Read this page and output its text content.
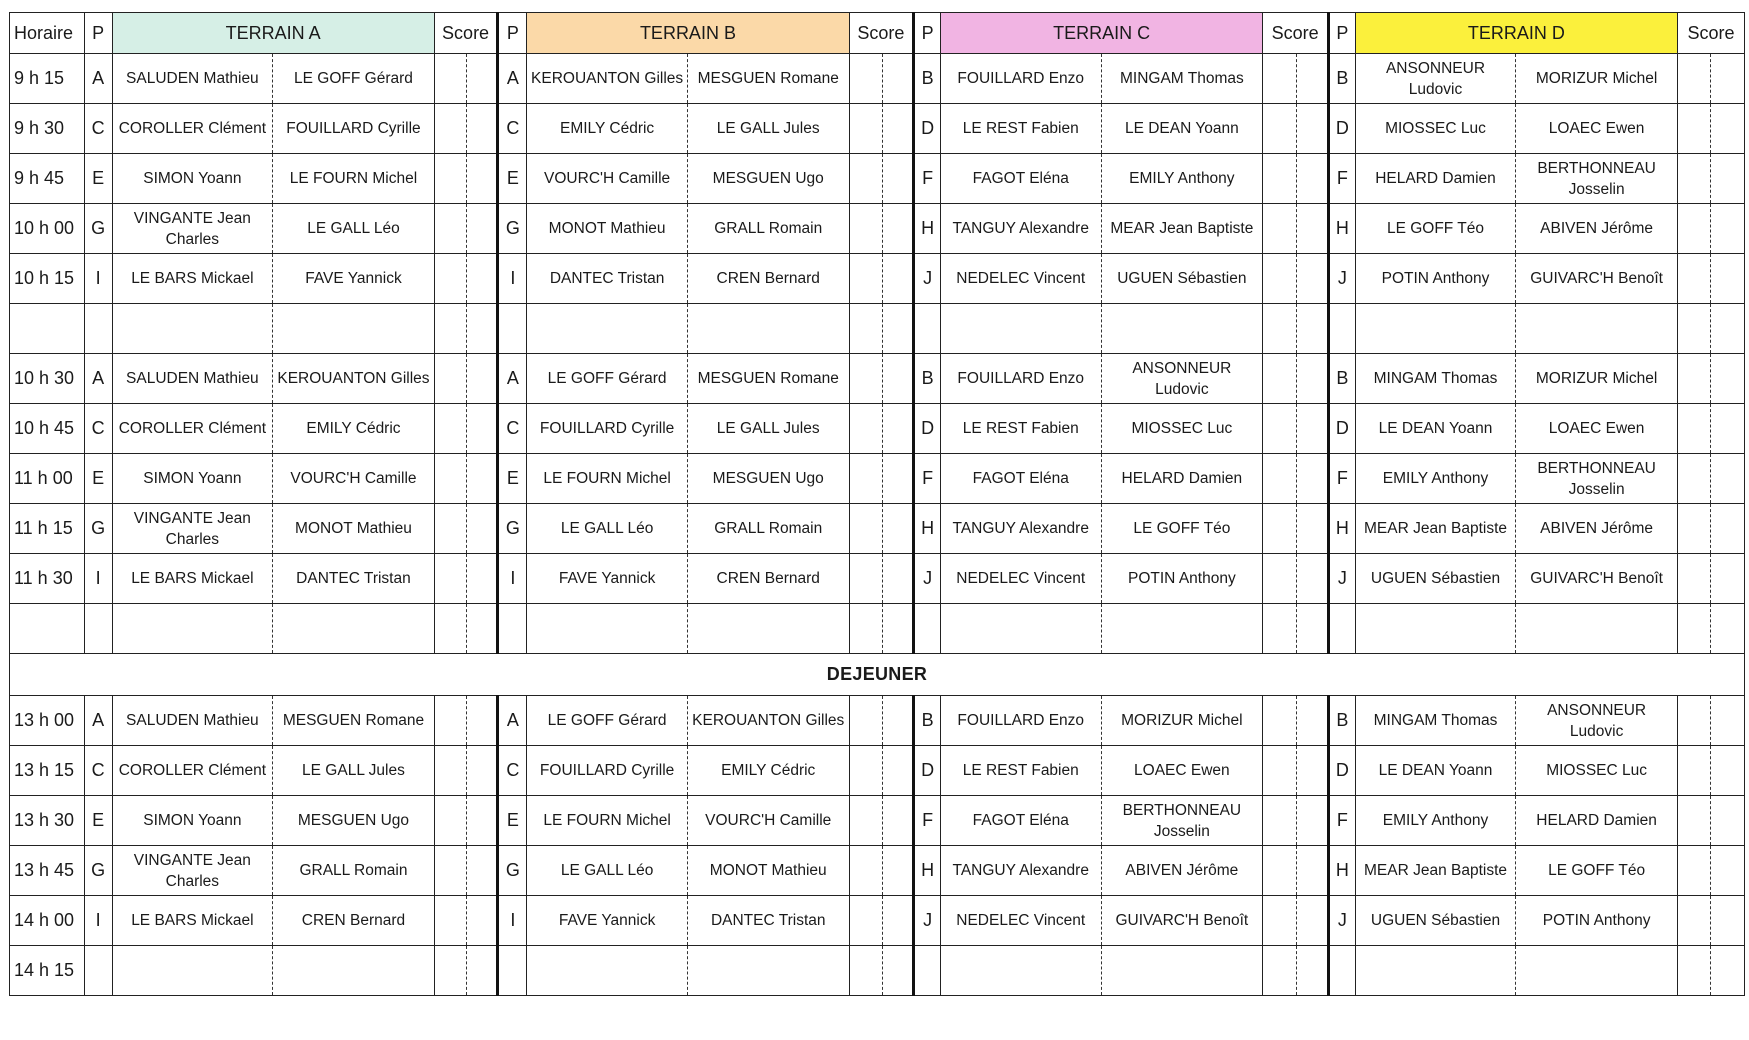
Horaire	P	TERRAIN A		Score		P	TERRAIN B		Score		P	TERRAIN C		Score		P	TERRAIN D		Score	
9 h 15	A	SALUDEN Mathieu	LE GOFF Gérard			A	KEROUANTON Gilles	MESGUEN Romane			B	FOUILLARD Enzo	MINGAM Thomas			B	ANSONNEUR Ludovic	MORIZUR Michel		
9 h 30	C	COROLLER Clément	FOUILLARD Cyrille			C	EMILY Cédric	LE GALL Jules			D	LE REST Fabien	LE DEAN Yoann			D	MIOSSEC Luc	LOAEC Ewen		
9 h 45	E	SIMON Yoann	LE FOURN Michel			E	VOURC'H Camille	MESGUEN Ugo			F	FAGOT Eléna	EMILY Anthony			F	HELARD Damien	BERTHONNEAU Josselin		
10 h 00	G	VINGANTE Jean Charles	LE GALL Léo			G	MONOT Mathieu	GRALL Romain			H	TANGUY Alexandre	MEAR Jean Baptiste			H	LE GOFF Téo	ABIVEN Jérôme		
10 h 15	I	LE BARS Mickael	FAVE Yannick			I	DANTEC Tristan	CREN Bernard			J	NEDELEC Vincent	UGUEN Sébastien			J	POTIN Anthony	GUIVARC'H Benoît		

10 h 30	A	SALUDEN Mathieu	KEROUANTON Gilles			A	LE GOFF Gérard	MESGUEN Romane			B	FOUILLARD Enzo	ANSONNEUR Ludovic			B	MINGAM Thomas	MORIZUR Michel		
10 h 45	C	COROLLER Clément	EMILY Cédric			C	FOUILLARD Cyrille	LE GALL Jules			D	LE REST Fabien	MIOSSEC Luc			D	LE DEAN Yoann	LOAEC Ewen		
11 h 00	E	SIMON Yoann	VOURC'H Camille			E	LE FOURN Michel	MESGUEN Ugo			F	FAGOT Eléna	HELARD Damien			F	EMILY Anthony	BERTHONNEAU Josselin		
11 h 15	G	VINGANTE Jean Charles	MONOT Mathieu			G	LE GALL Léo	GRALL Romain			H	TANGUY Alexandre	LE GOFF Téo			H	MEAR Jean Baptiste	ABIVEN Jérôme		
11 h 30	I	LE BARS Mickael	DANTEC Tristan			I	FAVE Yannick	CREN Bernard			J	NEDELEC Vincent	POTIN Anthony			J	UGUEN Sébastien	GUIVARC'H Benoît		

DEJEUNER																				
13 h 00	A	SALUDEN Mathieu	MESGUEN Romane			A	LE GOFF Gérard	KEROUANTON Gilles			B	FOUILLARD Enzo	MORIZUR Michel			B	MINGAM Thomas	ANSONNEUR Ludovic		
13 h 15	C	COROLLER Clément	LE GALL Jules			C	FOUILLARD Cyrille	EMILY Cédric			D	LE REST Fabien	LOAEC Ewen			D	LE DEAN Yoann	MIOSSEC Luc		
13 h 30	E	SIMON Yoann	MESGUEN Ugo			E	LE FOURN Michel	VOURC'H Camille			F	FAGOT Eléna	BERTHONNEAU Josselin			F	EMILY Anthony	HELARD Damien		
13 h 45	G	VINGANTE Jean Charles	GRALL Romain			G	LE GALL Léo	MONOT Mathieu			H	TANGUY Alexandre	ABIVEN Jérôme			H	MEAR Jean Baptiste	LE GOFF Téo		
14 h 00	I	LE BARS Mickael	CREN Bernard			I	FAVE Yannick	DANTEC Tristan			J	NEDELEC Vincent	GUIVARC'H Benoît			J	UGUEN Sébastien	POTIN Anthony		
14 h 15																				
